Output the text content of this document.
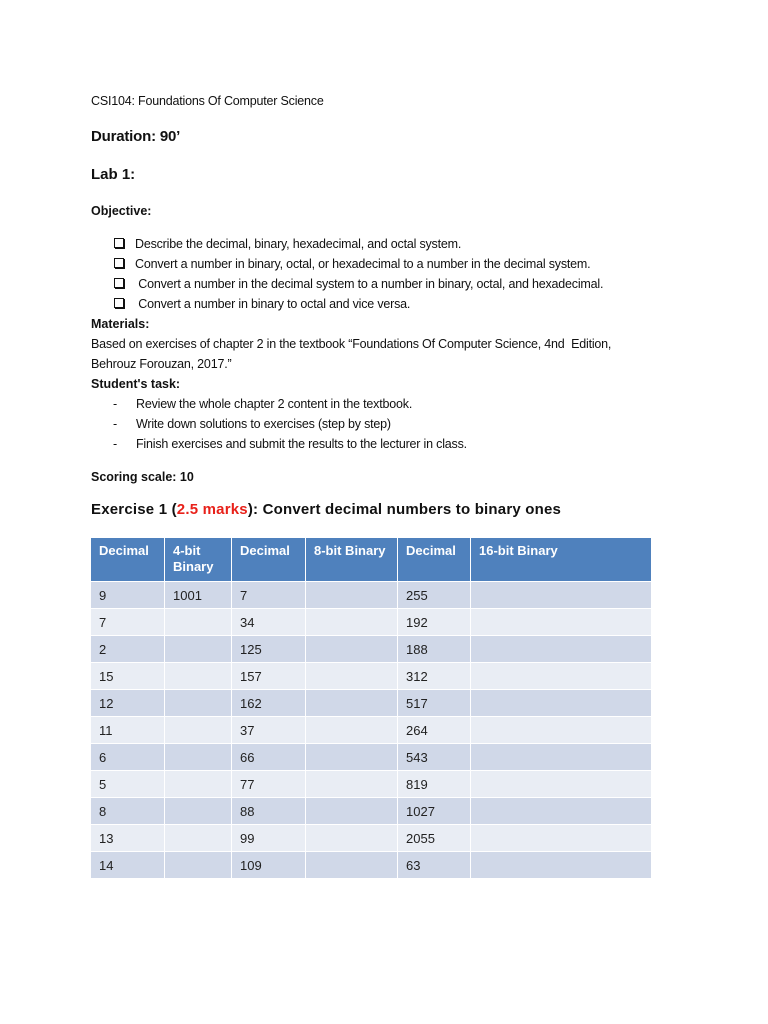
CSI104: Foundations Of Computer Science
Duration: 90’
Lab 1:
Objective:
Describe the decimal, binary, hexadecimal, and octal system.
Convert a number in binary, octal, or hexadecimal to a number in the decimal system.
Convert a number in the decimal system to a number in binary, octal, and hexadecimal.
Convert a number in binary to octal and vice versa.
Materials:
Based on exercises of chapter 2 in the textbook “Foundations Of Computer Science, 4nd  Edition,
Behrouz Forouzan, 2017.”
Student's task:
- Review the whole chapter 2 content in the textbook.
- Write down solutions to exercises (step by step)
- Finish exercises and submit the results to the lecturer in class.
Scoring scale: 10
Exercise 1 (2.5 marks): Convert decimal numbers to binary ones
Decimal	4-bit Binary	Decimal	8-bit Binary	Decimal	16-bit Binary
9	1001	7		255	
7		34		192	
2		125		188	
15		157		312	
12		162		517	
11		37		264	
6		66		543	
5		77		819	
8		88		1027	
13		99		2055	
14		109		63	
